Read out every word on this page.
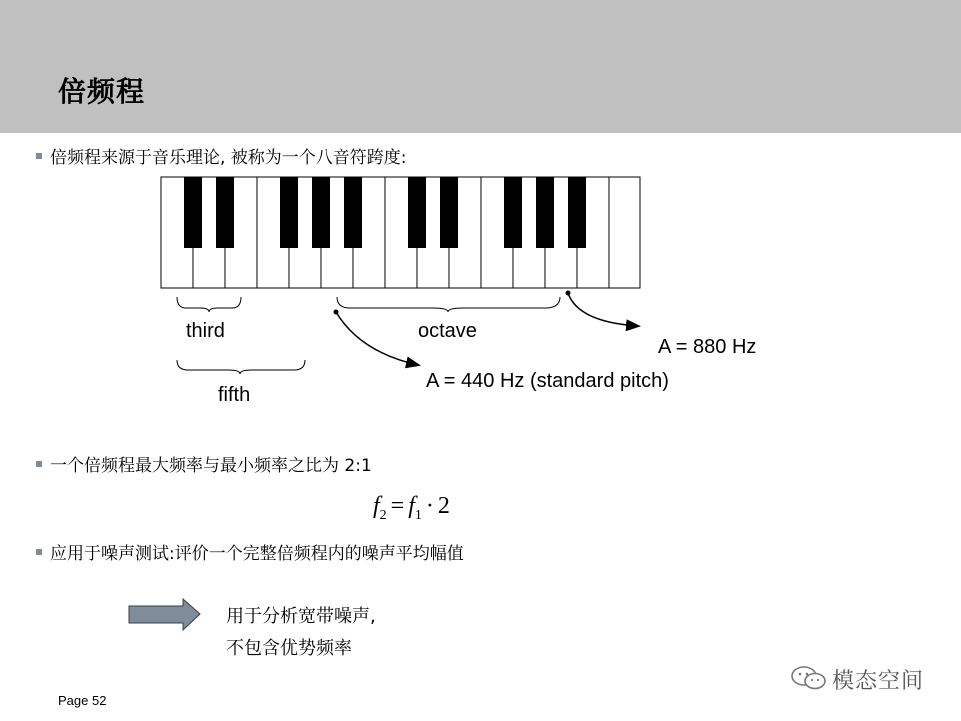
倍频程
倍频程来源于音乐理论, 被称为一个八音符跨度:
一个倍频程最大频率与最小频率之比为 2:1
应用于噪声测试:评价一个完整倍频程内的噪声平均幅值
third
fifth
octave
A = 440 Hz (standard pitch)
A = 880 Hz
$f_2 = f_1 \cdot 2$
用于分析宽带噪声,
不包含优势频率
Page 52
模态空间
